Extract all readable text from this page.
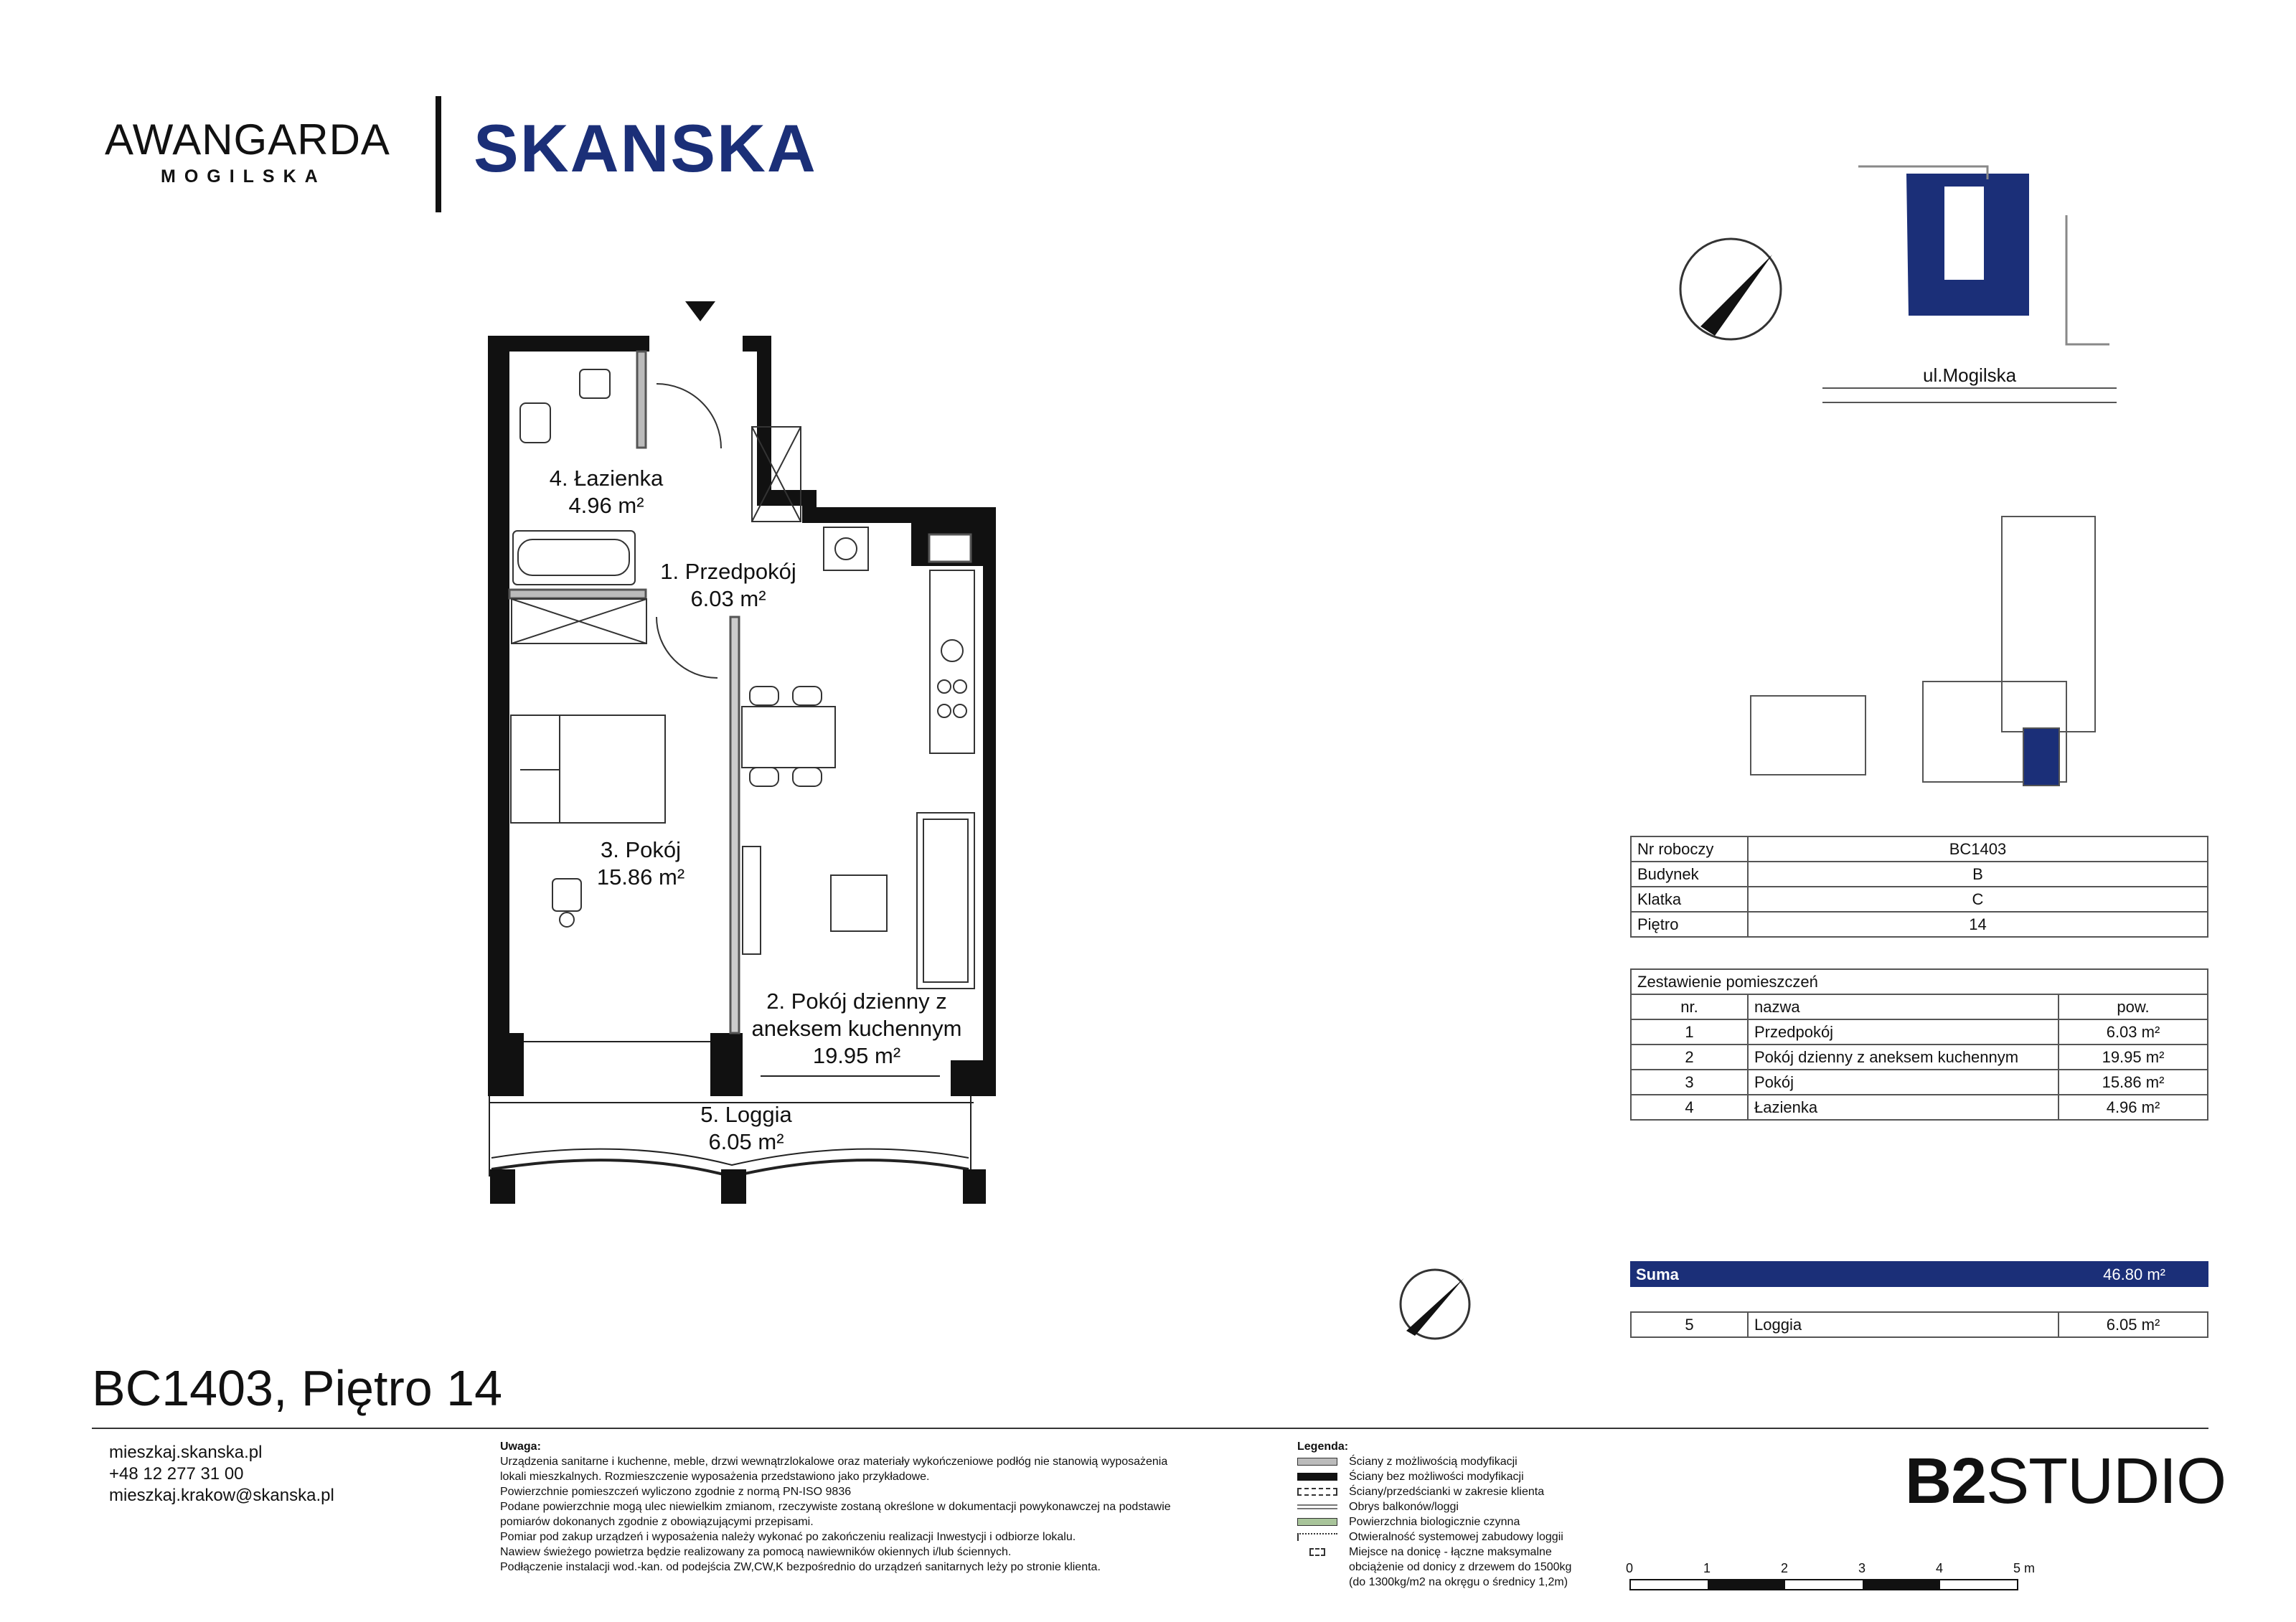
AWANGARDA
MOGILSKA SKANSKA
ul.Mogilska
4. Łazienka
4.96 m²
1. Przedpokój
6.03 m²
3. Pokój
15.86 m²
2. Pokój dzienny z
aneksem kuchennym
19.95 m²
5. Loggia
6.05 m²
Nr roboczy	BC1403
Budynek	B
Klatka	C
Piętro	14
Zestawienie pomieszczeń		
nr.	nazwa	pow.
1	Przedpokój	6.03 m²
2	Pokój dzienny z aneksem kuchennym	19.95 m²
3	Pokój	15.86 m²
4	Łazienka	4.96 m²
Suma	46.80 m²
5	Loggia	6.05 m²
BC1403, Piętro 14
mieszkaj.skanska.pl
+48 12 277 31 00
mieszkaj.krakow@skanska.pl
Uwaga:
Urządzenia sanitarne i kuchenne, meble, drzwi wewnątrzlokalowe oraz materiały wykończeniowe podłóg nie stanowią wyposażenia
lokali mieszkalnych. Rozmieszczenie wyposażenia przedstawiono jako przykładowe.
Powierzchnie pomieszczeń wyliczono zgodnie z normą PN-ISO 9836
Podane powierzchnie mogą ulec niewielkim zmianom, rzeczywiste zostaną określone w dokumentacji powykonawczej na podstawie
pomiarów dokonanych zgodnie z obowiązującymi przepisami.
Pomiar pod zakup urządzeń i wyposażenia należy wykonać po zakończeniu realizacji Inwestycji i odbiorze lokalu.
Nawiew świeżego powietrza będzie realizowany za pomocą nawiewników okiennych i/lub ściennych.
Podłączenie instalacji wod.-kan. od podejścia ZW,CW,K bezpośrednio do urządzeń sanitarnych leży po stronie klienta.
Legenda:
Ściany z możliwością modyfikacji
Ściany bez możliwości modyfikacji
Ściany/przedścianki w zakresie klienta
Obrys balkonów/loggi
Powierzchnia biologicznie czynna
Otwieralność systemowej zabudowy loggii
Miejsce na donicę - łączne maksymalne
obciążenie od donicy z drzewem do 1500kg
(do 1300kg/m2 na okręgu o średnicy 1,2m)
B2STUDIO
0	1	2	3	4	5 m
